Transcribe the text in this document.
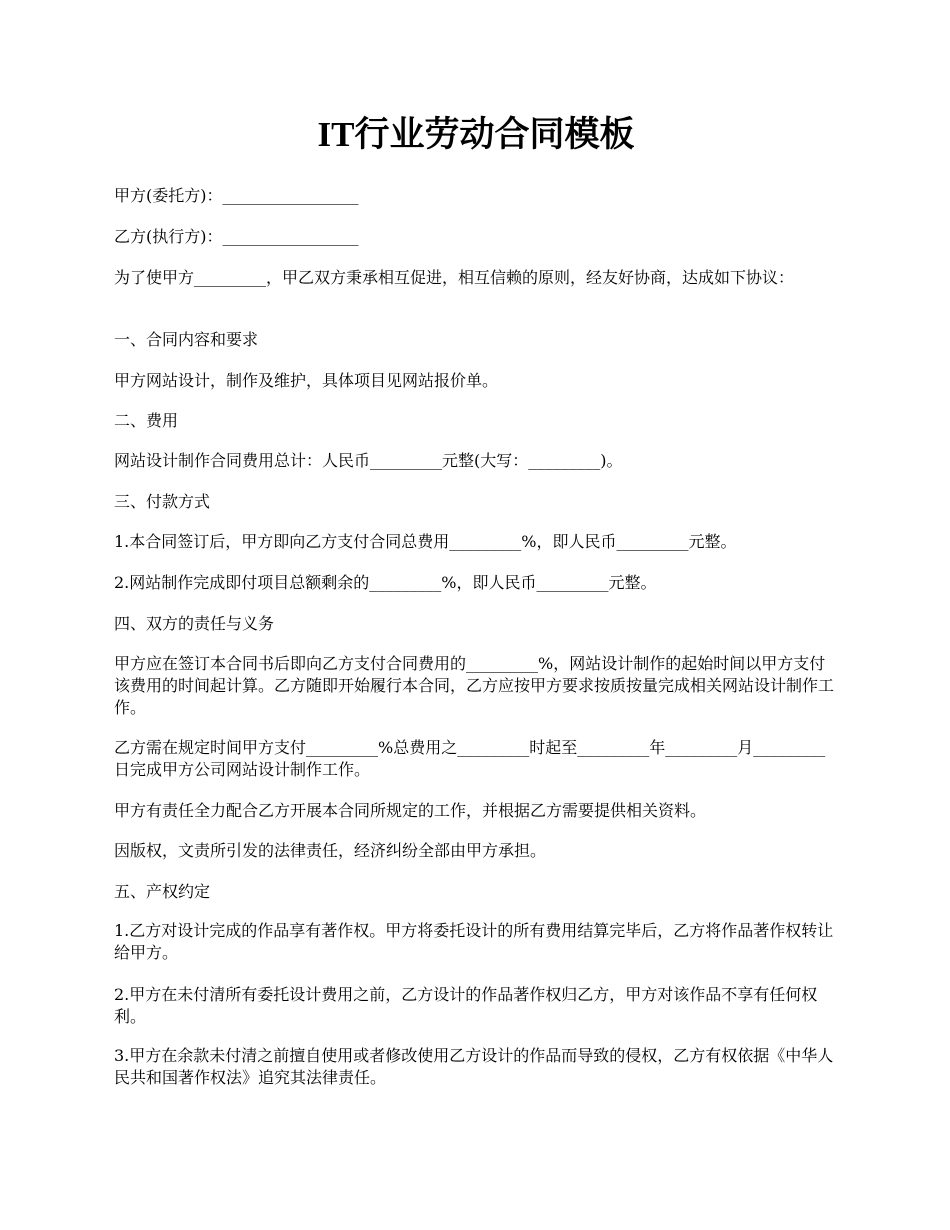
IT行业劳动合同模板

甲方(委托方)：_________________

乙方(执行方)：_________________

为了使甲方_________，甲乙双方秉承相互促进，相互信赖的原则，经友好协商，达成如下协议：

一、合同内容和要求

甲方网站设计，制作及维护，具体项目见网站报价单。

二、费用

网站设计制作合同费用总计：人民币_________元整(大写：_________)。

三、付款方式

1.本合同签订后，甲方即向乙方支付合同总费用_________%，即人民币_________元整。

2.网站制作完成即付项目总额剩余的_________%，即人民币_________元整。

四、双方的责任与义务

甲方应在签订本合同书后即向乙方支付合同费用的_________%，网站设计制作的起始时间以甲方支付该费用的时间起计算。乙方随即开始履行本合同，乙方应按甲方要求按质按量完成相关网站设计制作工作。

乙方需在规定时间甲方支付_________%总费用之_________时起至_________年_________月_________日完成甲方公司网站设计制作工作。

甲方有责任全力配合乙方开展本合同所规定的工作，并根据乙方需要提供相关资料。

因版权，文责所引发的法律责任，经济纠纷全部由甲方承担。

五、产权约定

1.乙方对设计完成的作品享有著作权。甲方将委托设计的所有费用结算完毕后，乙方将作品著作权转让给甲方。

2.甲方在未付清所有委托设计费用之前，乙方设计的作品著作权归乙方，甲方对该作品不享有任何权利。

3.甲方在余款未付清之前擅自使用或者修改使用乙方设计的作品而导致的侵权，乙方有权依据《中华人民共和国著作权法》追究其法律责任。
